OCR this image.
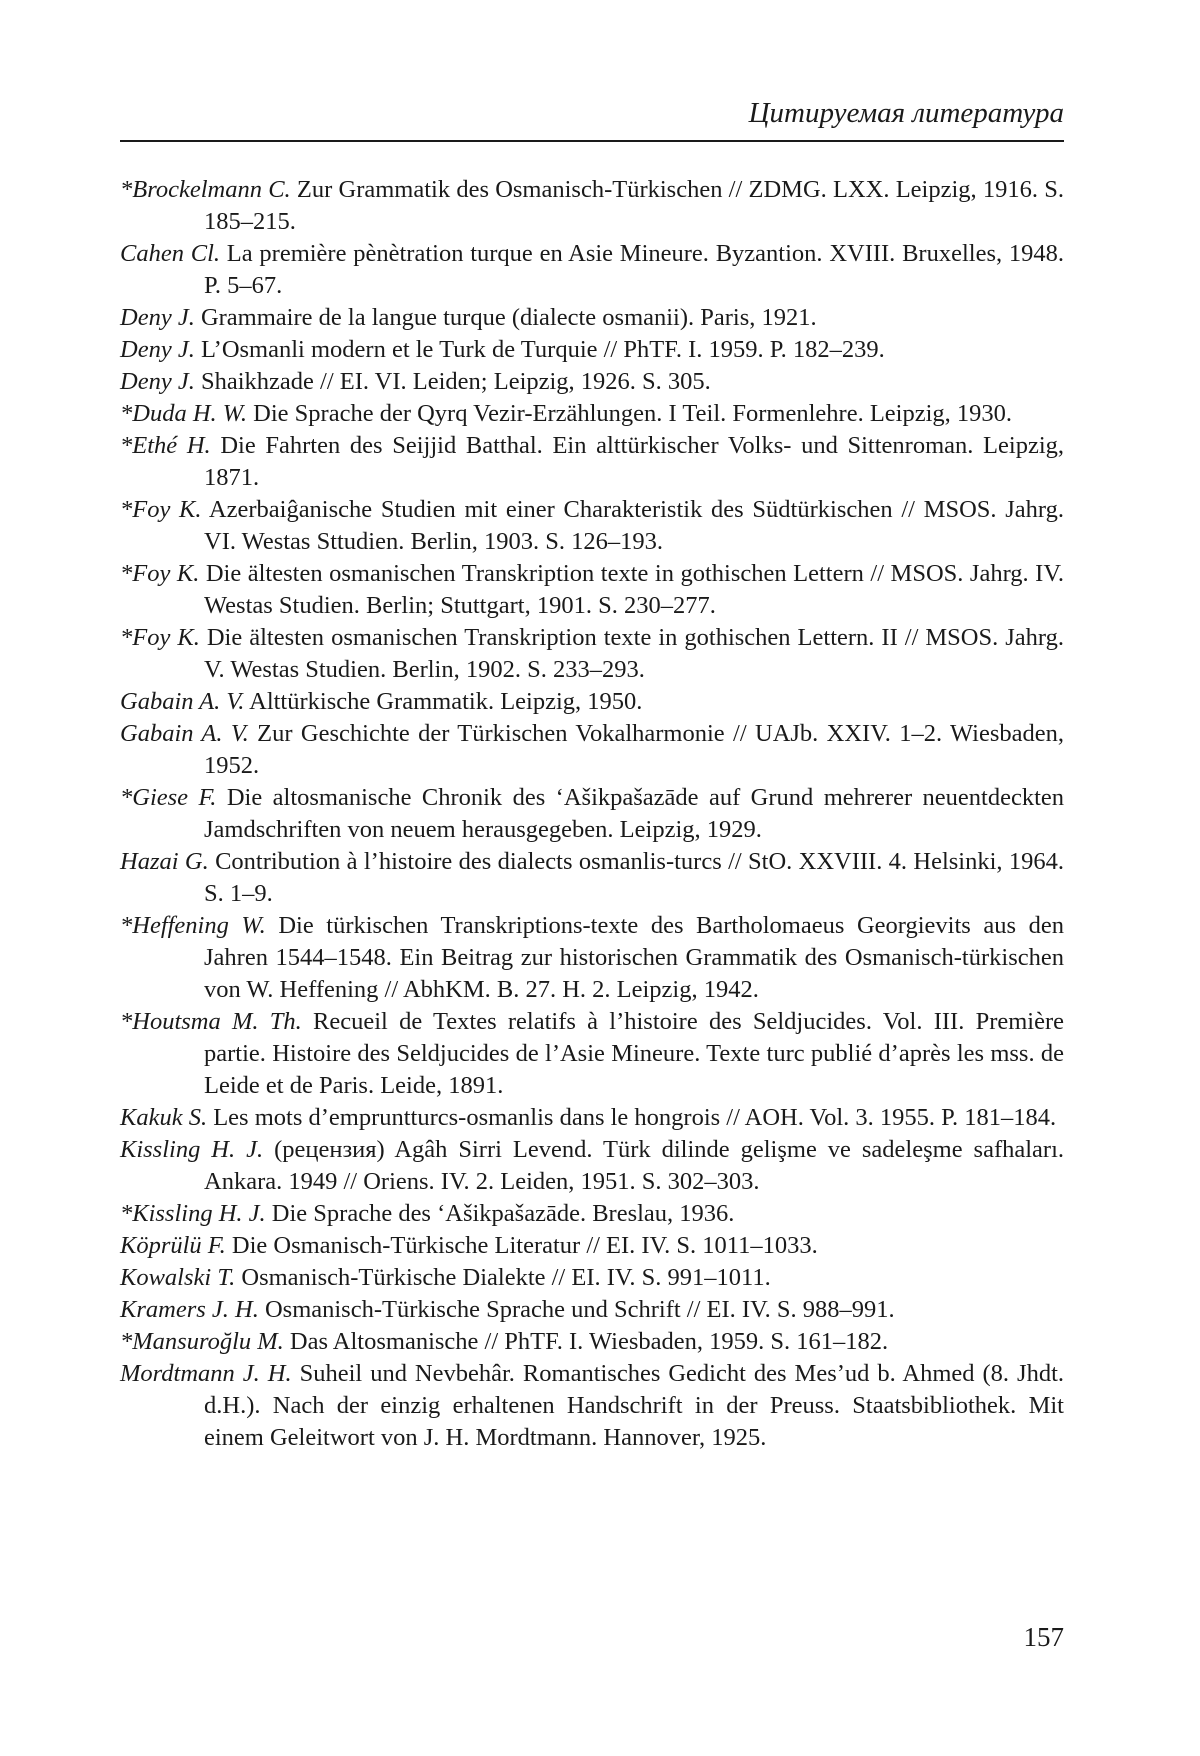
Цитируемая литература

*Brockelmann C. Zur Grammatik des Osmanisch-Türkischen // ZDMG. LXX. Leipzig, 1916. S. 185–215.

Cahen Cl. La première pènètration turque en Asie Mineure. Byzantion. XVIII. Bruxelles, 1948. P. 5–67.

Deny J. Grammaire de la langue turque (dialecte osmanii). Paris, 1921.

Deny J. L’Osmanli modern et le Turk de Turquie // PhTF. I. 1959. P. 182–239.

Deny J. Shaikhzade // EI. VI. Leiden; Leipzig, 1926. S. 305.

*Duda H. W. Die Sprache der Qyrq Vezir-Erzählungen. I Teil. Formenlehre. Leipzig, 1930.

*Ethé H. Die Fahrten des Seijjid Batthal. Ein alttürkischer Volks- und Sittenroman. Leipzig, 1871.

*Foy K. Azerbaiĝanische Studien mit einer Charakteristik des Südtürkischen // MSOS. Jahrg. VI. Westas Sttudien. Berlin, 1903. S. 126–193.

*Foy K. Die ältesten osmanischen Transkription texte in gothischen Lettern // MSOS. Jahrg. IV. Westas Studien. Berlin; Stuttgart, 1901. S. 230–277.

*Foy K. Die ältesten osmanischen Transkription texte in gothischen Lettern. II // MSOS. Jahrg. V. Westas Studien. Berlin, 1902. S. 233–293.

Gabain A. V. Alttürkische Grammatik. Leipzig, 1950.

Gabain A. V. Zur Geschichte der Türkischen Vokalharmonie // UAJb. XXIV. 1–2. Wiesbaden, 1952.

*Giese F. Die altosmanische Chronik des ‘Ašikpašazāde auf Grund mehrerer neuentdeckten Jamdschriften von neuem herausgegeben. Leipzig, 1929.

Hazai G. Contribution à l’histoire des dialects osmanlis-turcs // StO. XXVIII. 4. Helsinki, 1964. S. 1–9.

*Heffening W. Die türkischen Transkriptions-texte des Bartholomaeus Georgievits aus den Jahren 1544–1548. Ein Beitrag zur historischen Grammatik des Osmanisch-türkischen von W. Heffening // AbhKM. B. 27. H. 2. Leipzig, 1942.

*Houtsma M. Th. Recueil de Textes relatifs à l’histoire des Seldjucides. Vol. III. Première partie. Histoire des Seldjucides de l’Asie Mineure. Texte turc publié d’après les mss. de Leide et de Paris. Leide, 1891.

Kakuk S. Les mots d’empruntturcs-osmanlis dans le hongrois // AOH. Vol. 3. 1955. P. 181–184.

Kissling H. J. (рецензия) Agâh Sirri Levend. Türk dilinde gelişme ve sadeleşme safhaları. Ankara. 1949 // Oriens. IV. 2. Leiden, 1951. S. 302–303.

*Kissling H. J. Die Sprache des ‘Ašikpašazāde. Breslau, 1936.

Köprülü F. Die Osmanisch-Türkische Literatur // EI. IV. S. 1011–1033.

Kowalski T. Osmanisch-Türkische Dialekte // EI. IV. S. 991–1011.

Kramers J. H. Osmanisch-Türkische Sprache und Schrift // EI. IV. S. 988–991.

*Mansuroğlu M. Das Altosmanische // PhTF. I. Wiesbaden, 1959. S. 161–182.

Mordtmann J. H. Suheil und Nevbehâr. Romantisches Gedicht des Mes’ud b. Ahmed (8. Jhdt. d.H.). Nach der einzig erhaltenen Handschrift in der Preuss. Staatsbibliothek. Mit einem Geleitwort von J. H. Mordtmann. Hannover, 1925.

157
